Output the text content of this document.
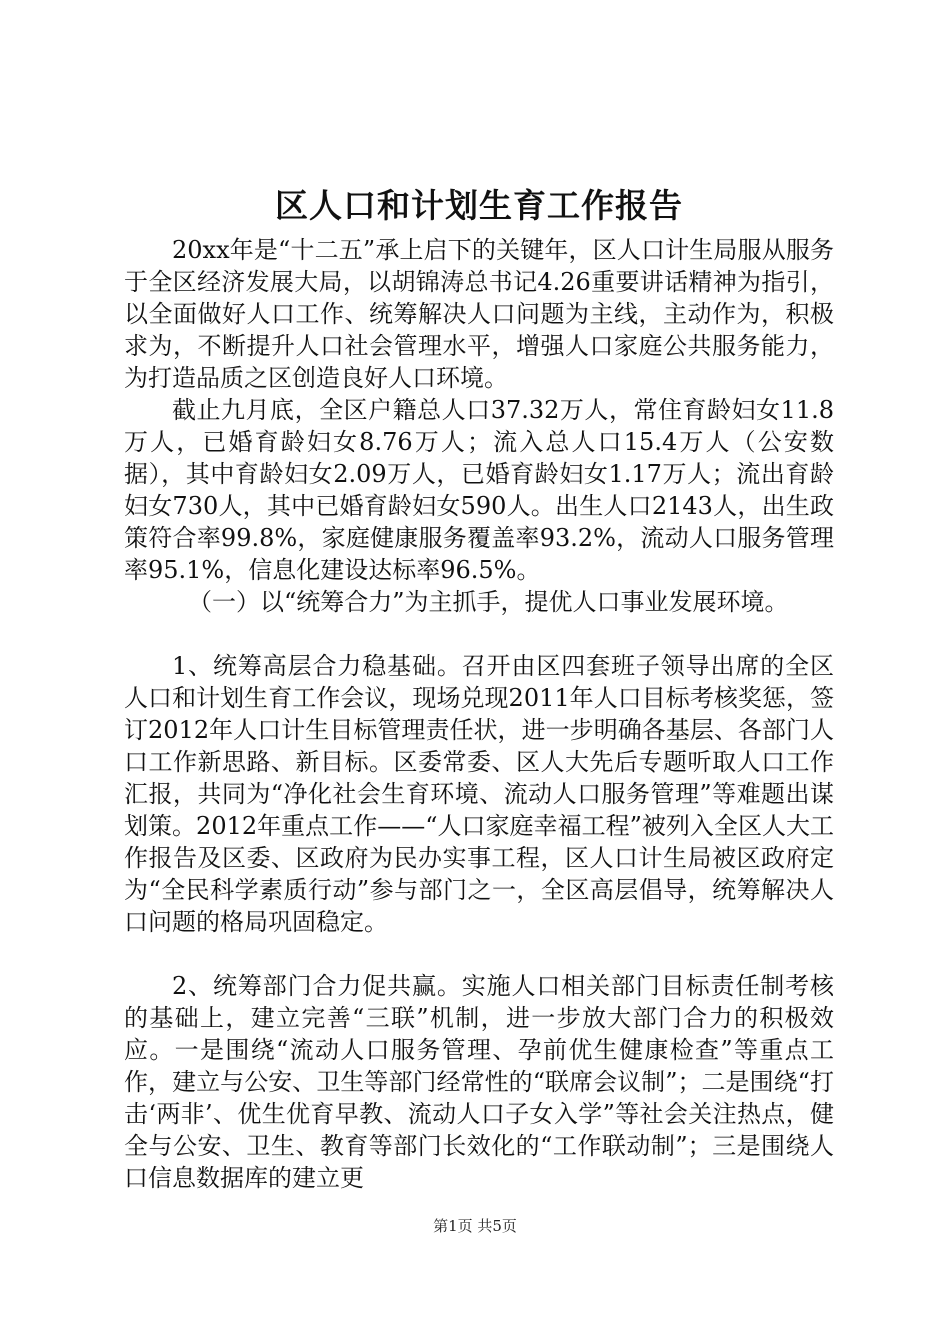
区人口和计划生育工作报告

20xx年是“十二五”承上启下的关键年，区人口计生局服从服务于全区经济发展大局，以胡锦涛总书记4.26重要讲话精神为指引，以全面做好人口工作、统筹解决人口问题为主线，主动作为，积极求为，不断提升人口社会管理水平，增强人口家庭公共服务能力，为打造品质之区创造良好人口环境。

截止九月底，全区户籍总人口37.32万人，常住育龄妇女11.8万人，已婚育龄妇女8.76万人；流入总人口15.4万人（公安数据），其中育龄妇女2.09万人，已婚育龄妇女1.17万人；流出育龄妇女730人，其中已婚育龄妇女590人。出生人口2143人，出生政策符合率99.8%，家庭健康服务覆盖率93.2%，流动人口服务管理率95.1%，信息化建设达标率96.5%。

（一）以“统筹合力”为主抓手，提优人口事业发展环境。

1、统筹高层合力稳基础。召开由区四套班子领导出席的全区人口和计划生育工作会议，现场兑现2011年人口目标考核奖惩，签订2012年人口计生目标管理责任状，进一步明确各基层、各部门人口工作新思路、新目标。区委常委、区人大先后专题听取人口工作汇报，共同为“净化社会生育环境、流动人口服务管理”等难题出谋划策。2012年重点工作——“人口家庭幸福工程”被列入全区人大工作报告及区委、区政府为民办实事工程，区人口计生局被区政府定为“全民科学素质行动”参与部门之一，全区高层倡导，统筹解决人口问题的格局巩固稳定。

2、统筹部门合力促共赢。实施人口相关部门目标责任制考核的基础上，建立完善“三联”机制，进一步放大部门合力的积极效应。一是围绕“流动人口服务管理、孕前优生健康检查”等重点工作，建立与公安、卫生等部门经常性的“联席会议制”；二是围绕“打击‘两非’、优生优育早教、流动人口子女入学”等社会关注热点，健全与公安、卫生、教育等部门长效化的“工作联动制”；三是围绕人口信息数据库的建立更

第1页 共5页
